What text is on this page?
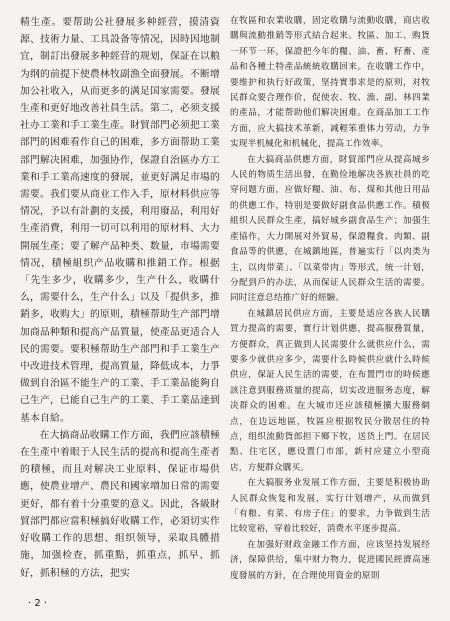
精生產。要帮助公社發展多种經营，摸清資源、技術力量、工具設备等情况，因時因地制宜，制訂出發展多种經营的规划，保証在以粮为纲的前提下使農林牧副漁全面發展。不断增加公社收入，从而更多的满足国家需要。發展生產和更好地改善社員生活。第二，必须支援社办工業和手工業生產。財貿部門必须把工業部門的困难看作自己的困难，多方面帮助工業部門解决困难，加强协作，保證自治區办方工業和手工業高速度的發展，並更好满足市場的需要。我们要从商业工作入手，原材料供应等情况，予以有計劃的支援，利用廢品，利用好生產消費，利用一切可以利用的原材料、大力開展生產；要了解产品种类、数量，市場需要情况，積極組织产品收購和推銷工作。根据「先生多少，收購多少，生产什么，收購什么，需要什么，生产什么」以及「提供多，推銷多，收购大」的原则，積極帮助生产部門增加商品种類和提高产品質量，使產品更适合人民的需要。要积極帮助生产部門和手工業生产中改进技术管理，提高質量，降低成本，力爭做到自治區不能生产的工業、手工業品能夠自己生产，已能自己生产的工業、手工業品達到基本自給。

在大搞商品收購工作方面，我們应該積極在生產中着眼于人民生活的提高和提高生產者的積極，而且对解决工业原料、保证市場供應，使農业增产、農民和國家増加日常的需要更好，都有着十分重要的意义。因此，各級財貿部門都应當积極搞好收購工作，必須切实作好收購工作的思想、组织领导，采取具體措施，加强检查，抓重點，抓重点，抓早、抓好，抓积極的方法，把实

在牧區和农業收購，固定收購与流動收購，商店收購與流動推銷等形式結合起来。牧區、加工、购貨一环节一环，保證把今年的糧、油、畜、籽畜、產品和各種土特產品統統收購回来。在收購工作中，要维护和执行好政策，坚持實事求是的原则，对牧民群众要合理作价，促使农、牧、漁、副、林四業的產品，才能帮助他们解决困难。在商品加工工作方面，应大搞技术革新，减輕笨重体力劳动，力争实现半机械化和机械化，提高工作效率。

在大搞商品供應方面，財貿部門应从提高城乡人民的物质生活出發，在勤俭地解决各族社員的吃穿问题方面，应做好糧、油、布、煤和其他日用品的供應工作，特别是要做好副食品供應工作。積极組织人民群众生產，搞好城乡副食品生产；加强生產協作，大力開展对外貿易，保證糧食、肉類、副食品等的供應，在城鎮地區，普遍实行「以肉类为主，以肉带菜」、「以菜带肉」等形式，统一计划，分配到戶的办法，从而保证人民群众生活的需要。同时注意总结推广好的經驗。

在城鎮居民供应方面，主要是适应各族人民購買力提高的需要，實行计划供應，提高服務質量，方便群众，真正做到人民需要什么就供应什么，需要多少就供应多少，需要什么時候供应就什么時候供应，保証人民生活的需要，在布置門市的時候應該注意到服務质量的提高，切实改进服务态度，解决群众的困难。在大城市还应該積極擴大服務網点，在边远地區，牧區应根据牧民分散居住的特点，组织流動貨郎担下鄉下牧，送货上門。在居民點、住宅区，應设置门市部，新村应建立小型商店，方便群众購买。

在大搞服务业发展工作方面，主要是积极协助人民群众恢复和发展，实行计划增产，从而做到「有粮、有菜、有房子住」的要求，力争做到生活比较宽裕，穿着比较好，消费水平逐步提高。

在加强好财政金融工作方面，应该坚持发展经济，保障供给，集中财力物力，促进國民經濟高速度發展的方針，在合理使用資金的原則

· 2 ·
